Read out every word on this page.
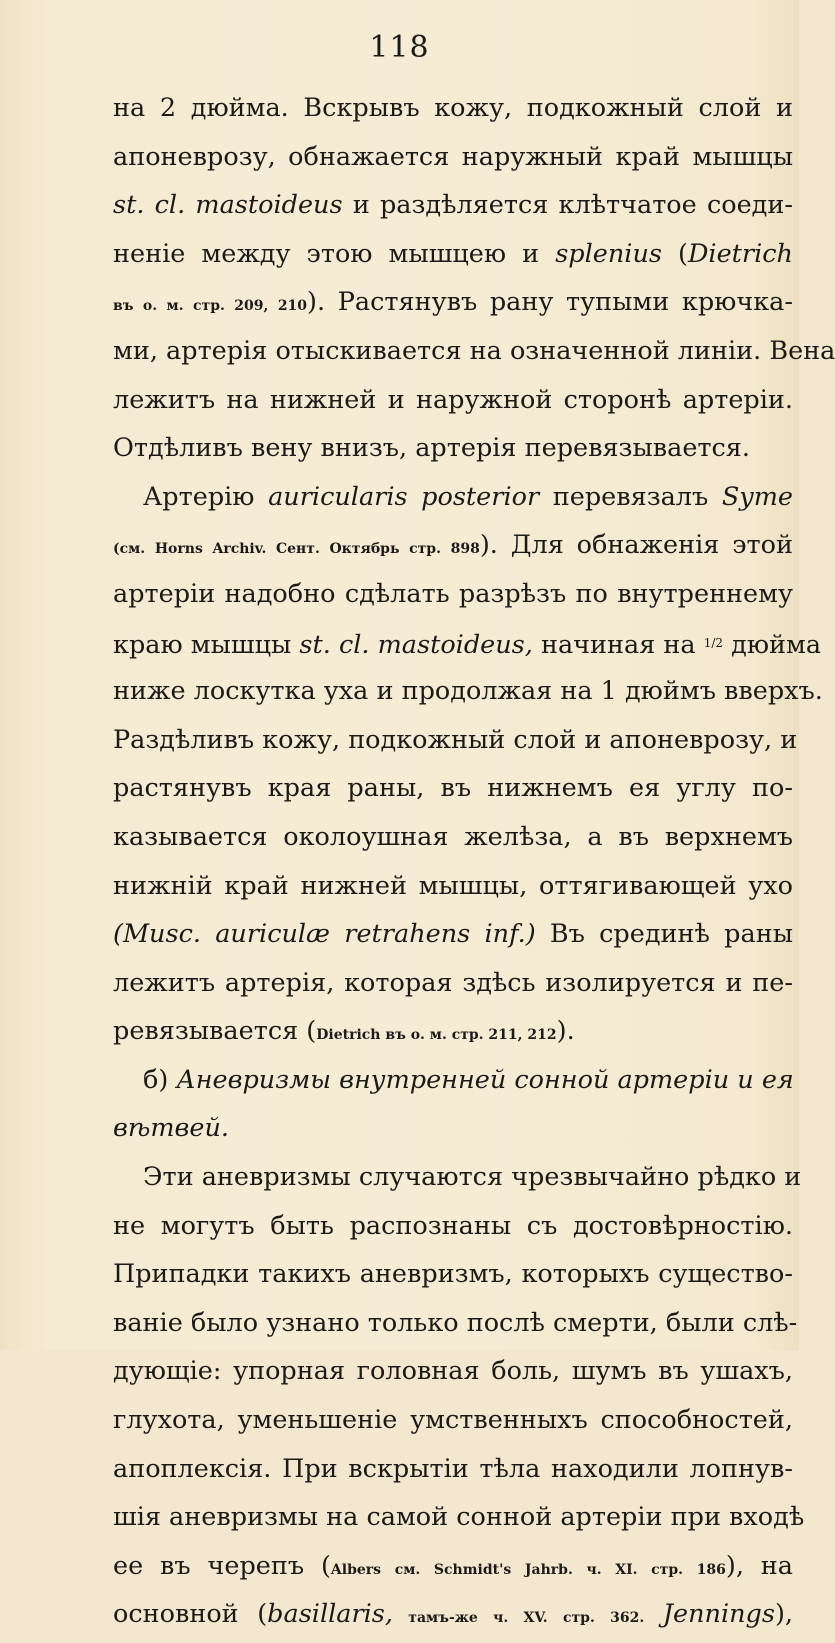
118
на 2 дюйма. Вскрывъ кожу, подкожный слой и
апоневрозу, обнажается наружный край мышцы
st. cl. mastoideus и раздѣляется клѣтчатое соеди-
неніе между этою мышцею и splenius (Dietrich
въ о. м. стр. 209, 210). Растянувъ рану тупыми крючка-
ми, артерія отыскивается на означенной линіи. Вена
лежитъ на нижней и наружной сторонѣ артеріи.
Отдѣливъ вену внизъ, артерія перевязывается.
Артерію auricularis posterior перевязалъ Syme
(см. Horns Archiv. Сент. Октябрь стр. 898). Для обнаженія этой
артеріи надобно сдѣлать разрѣзъ по внутреннему
краю мышцы st. cl. mastoideus, начиная на $^{1/2}$ дюйма
ниже лоскутка уха и продолжая на 1 дюймъ вверхъ.
Раздѣливъ кожу, подкожный слой и апоневрозу, и
растянувъ края раны, въ нижнемъ ея углу по-
казывается околоушная желѣза, а въ верхнемъ
нижній край нижней мышцы, оттягивающей ухо
(Musc. auriculæ retrahens inf.) Въ срединѣ раны
лежитъ артерія, которая здѣсь изолируется и пе-
ревязывается (Dietrich въ о. м. стр. 211, 212).
б) Аневризмы внутренней сонной артеріи и ея
вѣтвей.
Эти аневризмы случаются чрезвычайно рѣдко и
не могутъ быть распознаны съ достовѣрностію.
Припадки такихъ аневризмъ, которыхъ существо-
ваніе было узнано только послѣ смерти, были слѣ-
дующіе: упорная головная боль, шумъ въ ушахъ,
глухота, уменьшеніе умственныхъ способностей,
апоплексія. При вскрытіи тѣла находили лопнув-
шія аневризмы на самой сонной артеріи при входѣ
ее въ черепъ (Albers см. Schmidt's Jahrb. ч. XI. стр. 186), на
основной (basillaris, тамъ-же ч. XV. стр. 362. Jennings),
